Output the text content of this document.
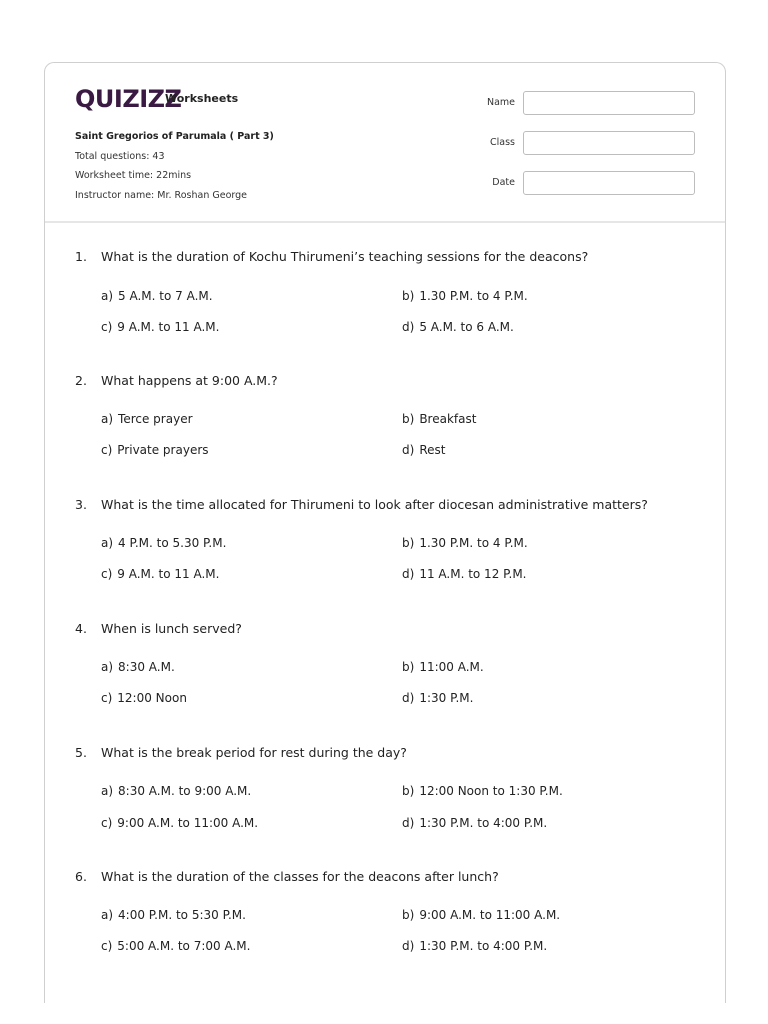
QUIZIZZ
Worksheets
Saint Gregorios of Parumala ( Part 3)
Total questions: 43
Worksheet time: 22mins
Instructor name: Mr. Roshan George
Name
Class
Date
1. What is the duration of Kochu Thirumeni’s teaching sessions for the deacons?
a) 5 A.M. to 7 A.M.	b) 1.30 P.M. to 4 P.M.
c) 9 A.M. to 11 A.M.	d) 5 A.M. to 6 A.M.
2. What happens at 9:00 A.M.?
a) Terce prayer	b) Breakfast
c) Private prayers	d) Rest
3. What is the time allocated for Thirumeni to look after diocesan administrative matters?
a) 4 P.M. to 5.30 P.M.	b) 1.30 P.M. to 4 P.M.
c) 9 A.M. to 11 A.M.	d) 11 A.M. to 12 P.M.
4. When is lunch served?
a) 8:30 A.M.	b) 11:00 A.M.
c) 12:00 Noon	d) 1:30 P.M.
5. What is the break period for rest during the day?
a) 8:30 A.M. to 9:00 A.M.	b) 12:00 Noon to 1:30 P.M.
c) 9:00 A.M. to 11:00 A.M.	d) 1:30 P.M. to 4:00 P.M.
6. What is the duration of the classes for the deacons after lunch?
a) 4:00 P.M. to 5:30 P.M.	b) 9:00 A.M. to 11:00 A.M.
c) 5:00 A.M. to 7:00 A.M.	d) 1:30 P.M. to 4:00 P.M.
